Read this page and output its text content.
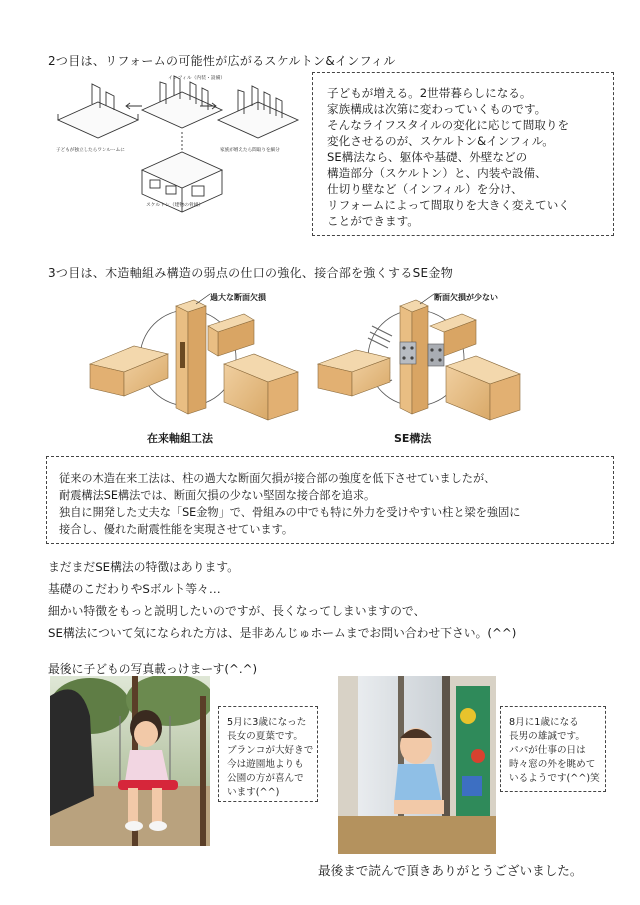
2つ目は、リフォームの可能性が広がるスケルトン&インフィル
インフィル（内装・設備）
子どもが独立したらワンルームに	家族が増えたら間取りを細分
スケルトン（建物の骨組）
子どもが増える。2世帯暮らしになる。
家族構成は次第に変わっていくものです。
そんなライフスタイルの変化に応じて間取りを
変化させるのが、スケルトン&インフィル。
SE構法なら、躯体や基礎、外壁などの
構造部分（スケルトン）と、内装や設備、
仕切り壁など（インフィル）を分け、
リフォームによって間取りを大きく変えていく
ことができます。
3つ目は、木造軸組み構造の弱点の仕口の強化、接合部を強くするSE金物
過大な断面欠損
在来軸組工法
断面欠損が少ない
SE構法
従来の木造在来工法は、柱の過大な断面欠損が接合部の強度を低下させていましたが、
耐震構法SE構法では、断面欠損の少ない堅固な接合部を追求。
独自に開発した丈夫な「SE金物」で、骨組みの中でも特に外力を受けやすい柱と梁を強固に
接合し、優れた耐震性能を実現させています。
まだまだSE構法の特徴はあります。
基礎のこだわりやSボルト等々…
細かい特徴をもっと説明したいのですが、長くなってしまいますので、
SE構法について気になられた方は、是非あんじゅホームまでお問い合わせ下さい。(^^)
最後に子どもの写真載っけまーす(^.^)
5月に3歳になった
長女の夏葉です。
ブランコが大好きで
今は遊園地よりも
公園の方が喜んで
います(^^)
8月に1歳になる
長男の雄誠です。
パパが仕事の日は
時々窓の外を眺めて
いるようです(^^)笑
最後まで読んで頂きありがとうございました。
